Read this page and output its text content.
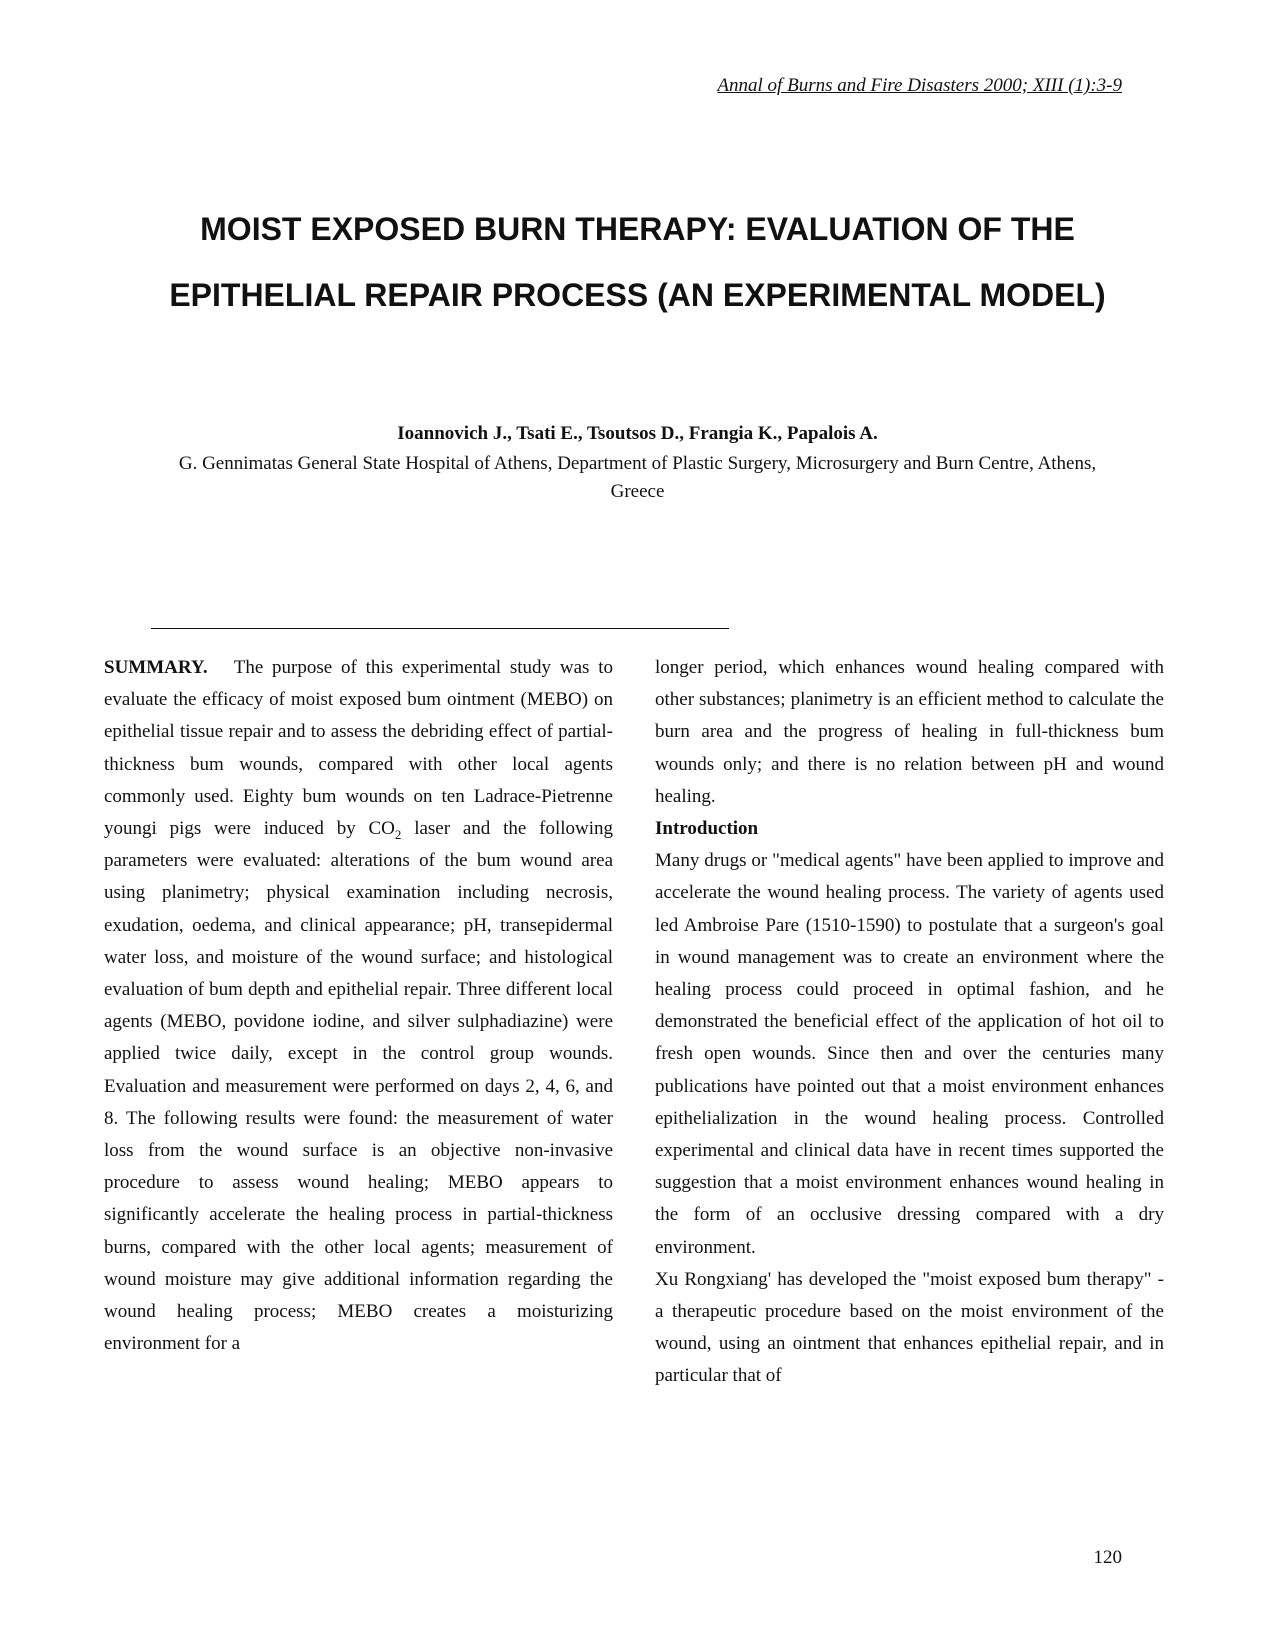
Annal of Burns and Fire Disasters 2000; XIII (1):3-9
MOIST EXPOSED BURN THERAPY: EVALUATION OF THE EPITHELIAL REPAIR PROCESS (AN EXPERIMENTAL MODEL)
Ioannovich J., Tsati E., Tsoutsos D., Frangia K., Papalois A.
G. Gennimatas General State Hospital of Athens, Department of Plastic Surgery, Microsurgery and Burn Centre, Athens, Greece

SUMMARY. The purpose of this experimental study was to evaluate the efficacy of moist exposed bum ointment (MEBO) on epithelial tissue repair and to assess the debriding effect of partial-thickness bum wounds, compared with other local agents commonly used. Eighty bum wounds on ten Ladrace-Pietrenne youngi pigs were induced by $CO_2$ laser and the following parameters were evaluated: alterations of the bum wound area using planimetry; physical examination including necrosis, exudation, oedema, and clinical appearance; pH, transepidermal water loss, and moisture of the wound surface; and histological evaluation of bum depth and epithelial repair. Three different local agents (MEBO, povidone iodine, and silver sulphadiazine) were applied twice daily, except in the control group wounds. Evaluation and measurement were performed on days 2, 4, 6, and 8. The following results were found: the measurement of water loss from the wound surface is an objective non-invasive procedure to assess wound healing; MEBO appears to significantly accelerate the healing process in partial-thickness burns, compared with the other local agents; measurement of wound moisture may give additional information regarding the wound healing process; MEBO creates a moisturizing environment for a

longer period, which enhances wound healing compared with other substances; planimetry is an efficient method to calculate the burn area and the progress of healing in full-thickness bum wounds only; and there is no relation between pH and wound healing.

Introduction

Many drugs or "medical agents" have been applied to improve and accelerate the wound healing process. The variety of agents used led Ambroise Pare (1510-1590) to postulate that a surgeon's goal in wound management was to create an environment where the healing process could proceed in optimal fashion, and he demonstrated the beneficial effect of the application of hot oil to fresh open wounds. Since then and over the centuries many publications have pointed out that a moist environment enhances epithelialization in the wound healing process. Controlled experimental and clinical data have in recent times supported the suggestion that a moist environment enhances wound healing in the form of an occlusive dressing compared with a dry environment.

Xu Rongxiang' has developed the "moist exposed bum therapy" - a therapeutic procedure based on the moist environment of the wound, using an ointment that enhances epithelial repair, and in particular that of

120
